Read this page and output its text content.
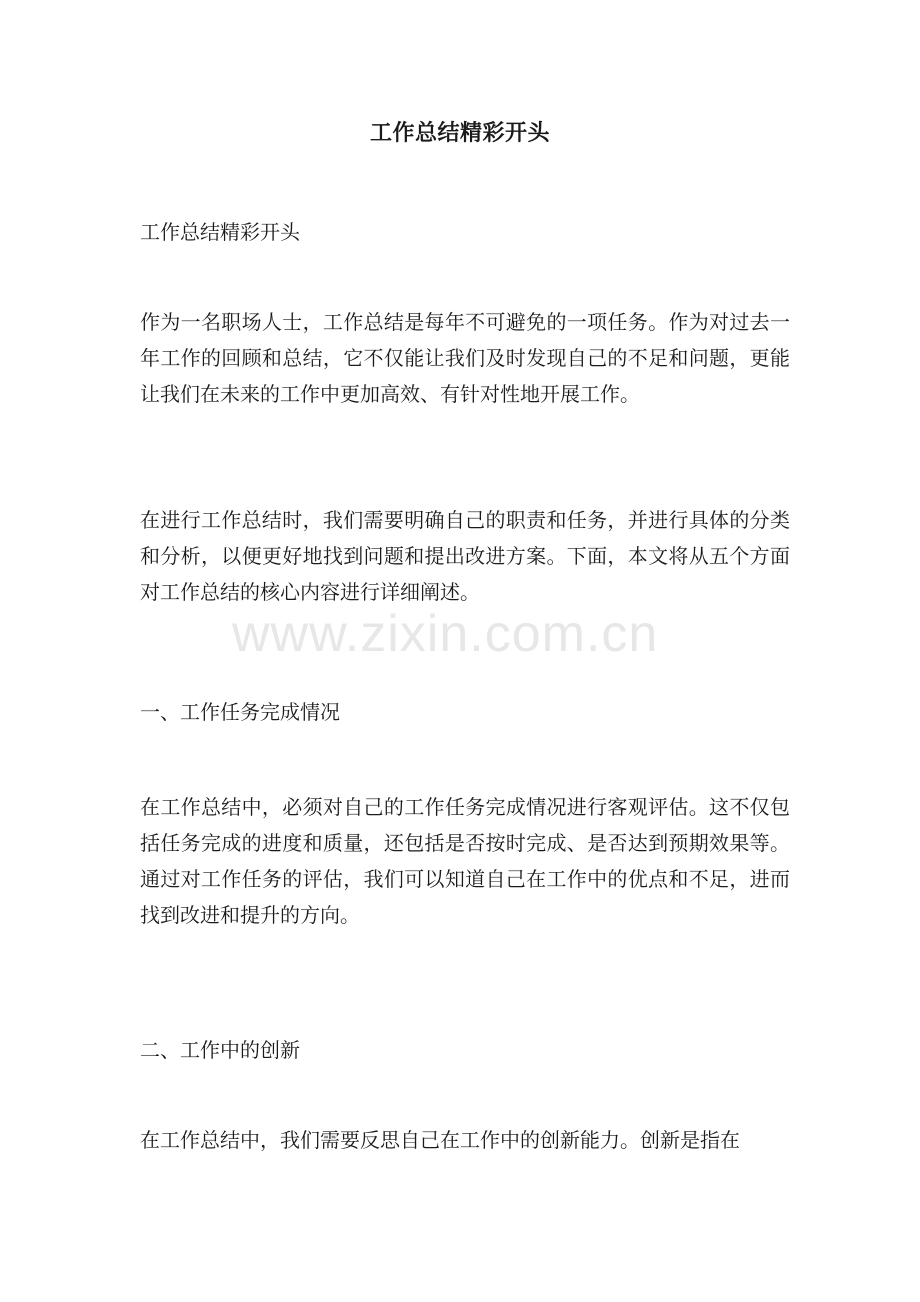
工作总结精彩开头

工作总结精彩开头

作为一名职场人士，工作总结是每年不可避免的一项任务。作为对过去一年工作的回顾和总结，它不仅能让我们及时发现自己的不足和问题，更能让我们在未来的工作中更加高效、有针对性地开展工作。

在进行工作总结时，我们需要明确自己的职责和任务，并进行具体的分类和分析，以便更好地找到问题和提出改进方案。下面，本文将从五个方面对工作总结的核心内容进行详细阐述。

一、工作任务完成情况

在工作总结中，必须对自己的工作任务完成情况进行客观评估。这不仅包括任务完成的进度和质量，还包括是否按时完成、是否达到预期效果等。通过对工作任务的评估，我们可以知道自己在工作中的优点和不足，进而找到改进和提升的方向。

二、工作中的创新

在工作总结中，我们需要反思自己在工作中的创新能力。创新是指在

www.zixin.com.cn
